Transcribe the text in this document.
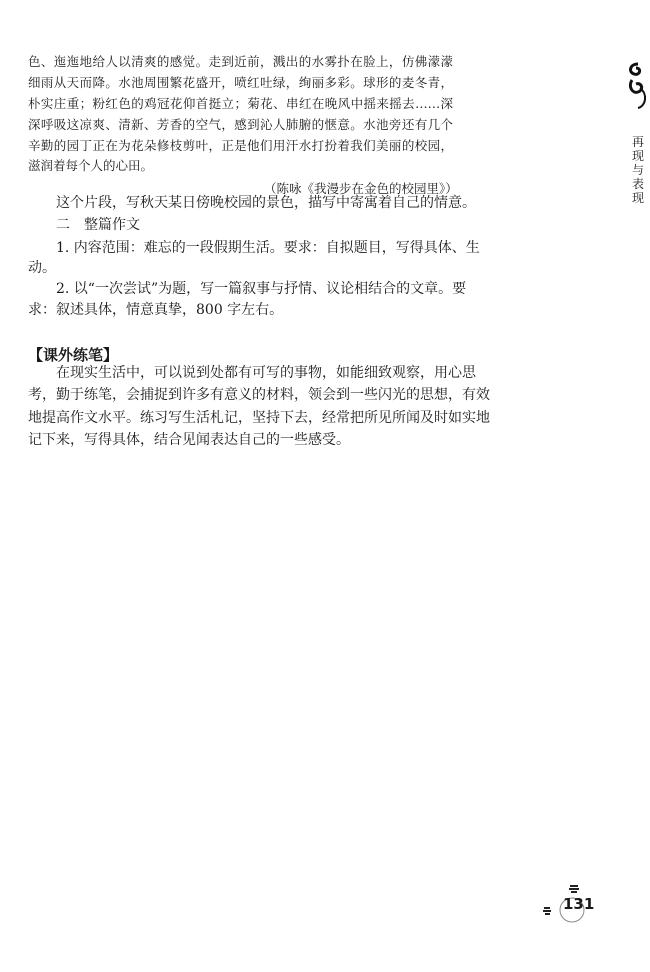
色、迤迤地给人以清爽的感觉。走到近前，溅出的水雾扑在脸上，仿佛濛濛
细雨从天而降。水池周围繁花盛开，喷红吐绿，绚丽多彩。球形的麦冬青，
朴实庄重；粉红色的鸡冠花仰首挺立；菊花、串红在晚风中摇来摇去……深
深呼吸这凉爽、清新、芳香的空气，感到沁人肺腑的惬意。水池旁还有几个
辛勤的园丁正在为花朵修枝剪叶，正是他们用汗水打扮着我们美丽的校园，
滋润着每个人的心田。
（陈咏《我漫步在金色的校园里》）
这个片段，写秋天某日傍晚校园的景色，描写中寄寓着自己的情意。
二　整篇作文
1. 内容范围：难忘的一段假期生活。要求：自拟题目，写得具体、生
动。
2. 以“一次尝试”为题，写一篇叙事与抒情、议论相结合的文章。要
求：叙述具体，情意真挚，800 字左右。
【课外练笔】
在现实生活中，可以说到处都有可写的事物，如能细致观察，用心思
考，勤于练笔，会捕捉到许多有意义的材料，领会到一些闪光的思想，有效
地提高作文水平。练习写生活札记，坚持下去，经常把所见所闻及时如实地
记下来，写得具体，结合见闻表达自己的一些感受。
再现与表现
131
